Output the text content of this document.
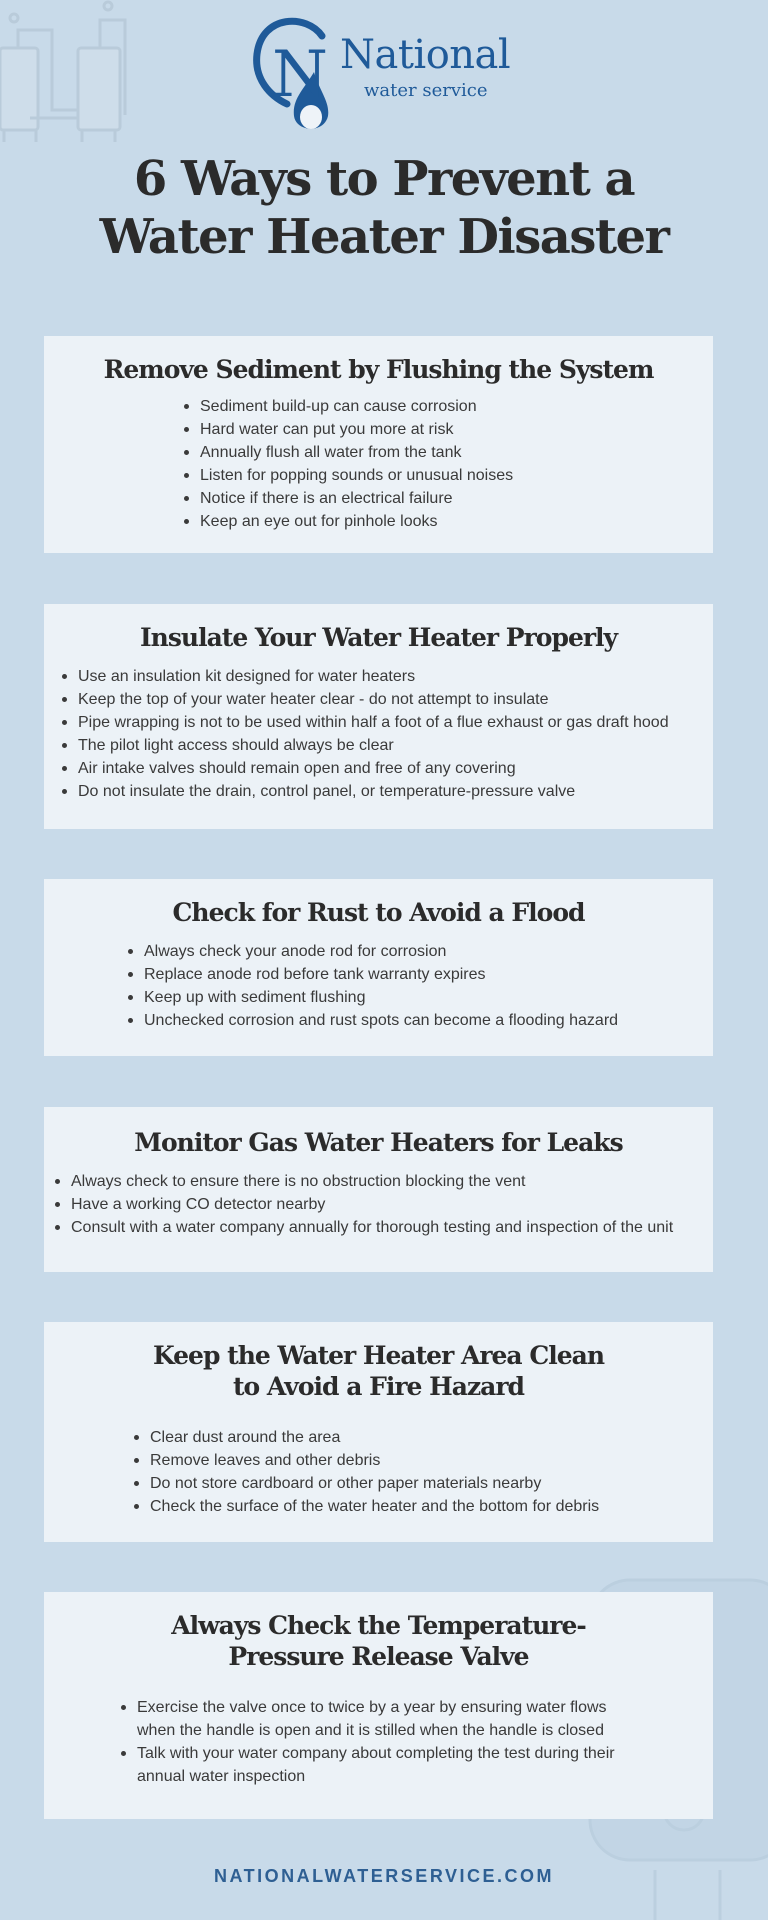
N National
water service
6 Ways to Prevent a
Water Heater Disaster
Remove Sediment by Flushing the System
Sediment build-up can cause corrosion
Hard water can put you more at risk
Annually flush all water from the tank
Listen for popping sounds or unusual noises
Notice if there is an electrical failure
Keep an eye out for pinhole looks
Insulate Your Water Heater Properly
Use an insulation kit designed for water heaters
Keep the top of your water heater clear - do not attempt to insulate
Pipe wrapping is not to be used within half a foot of a flue exhaust or gas draft hood
The pilot light access should always be clear
Air intake valves should remain open and free of any covering
Do not insulate the drain, control panel, or temperature-pressure valve
Check for Rust to Avoid a Flood
Always check your anode rod for corrosion
Replace anode rod before tank warranty expires
Keep up with sediment flushing
Unchecked corrosion and rust spots can become a flooding hazard
Monitor Gas Water Heaters for Leaks
Always check to ensure there is no obstruction blocking the vent
Have a working CO detector nearby
Consult with a water company annually for thorough testing and inspection of the unit
Keep the Water Heater Area Clean
to Avoid a Fire Hazard
Clear dust around the area
Remove leaves and other debris
Do not store cardboard or other paper materials nearby
Check the surface of the water heater and the bottom for debris
Always Check the Temperature-
Pressure Release Valve
Exercise the valve once to twice by a year by ensuring water flows when the handle is open and it is stilled when the handle is closed
Talk with your water company about completing the test during their annual water inspection
NATIONALWATERSERVICE.COM
